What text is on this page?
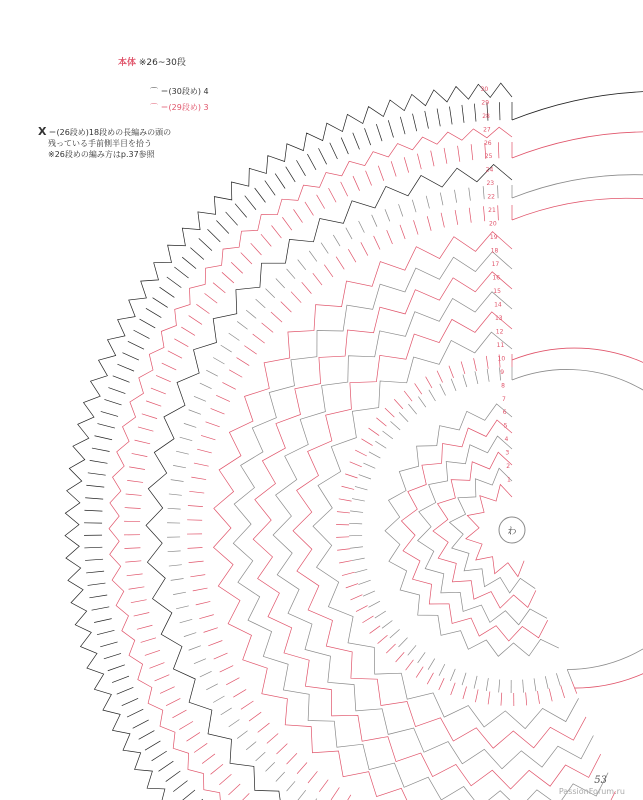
30
29
28
27
26
25
24
23
22
21
20
19
18
17
16
15
14
13
12
11
10
9
8
7
6
5
4
3
2
1
わ
本体 ※26~30段
⌒ ＝(30段め) 4
⌒ ＝(29段め) 3
X ＝(26段め)18段めの長編みの頭の
残っている手前側半目を拾う
※26段めの編み方はp.37参照
53
PassionForum.ru
